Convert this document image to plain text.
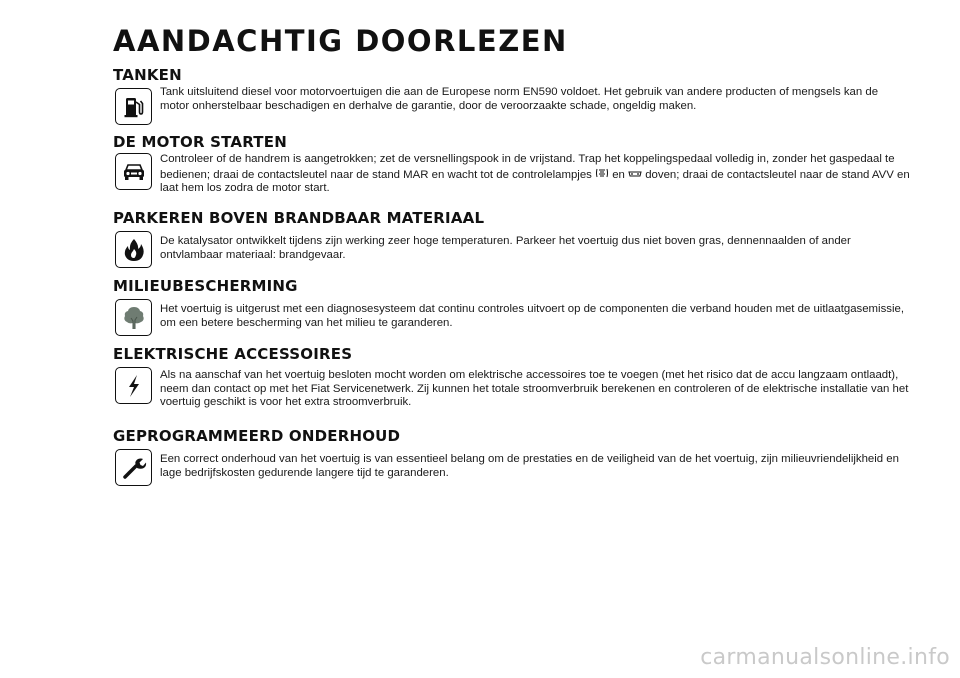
AANDACHTIG DOORLEZEN
TANKEN
Tank uitsluitend diesel voor motorvoertuigen die aan de Europese norm EN590 voldoet. Het gebruik van andere producten of mengsels kan de motor onherstelbaar beschadigen en derhalve de garantie, door de veroorzaakte schade, ongeldig maken.
DE MOTOR STARTEN
Controleer of de handrem is aangetrokken; zet de versnellingspook in de vrijstand. Trap het koppelingspedaal volledig in, zonder het gaspedaal te bedienen; draai de contactsleutel naar de stand MAR en wacht tot de controlelampjes en doven; draai de contactsleutel naar de stand AVV en laat hem los zodra de motor start.
PARKEREN BOVEN BRANDBAAR MATERIAAL
De katalysator ontwikkelt tijdens zijn werking zeer hoge temperaturen. Parkeer het voertuig dus niet boven gras, dennennaalden of ander ontvlambaar materiaal: brandgevaar.
MILIEUBESCHERMING
Het voertuig is uitgerust met een diagnosesysteem dat continu controles uitvoert op de componenten die verband houden met de uitlaatgasemissie, om een betere bescherming van het milieu te garanderen.
ELEKTRISCHE ACCESSOIRES
Als na aanschaf van het voertuig besloten mocht worden om elektrische accessoires toe te voegen (met het risico dat de accu langzaam ontlaadt), neem dan contact op met het Fiat Servicenetwerk. Zij kunnen het totale stroomverbruik berekenen en controleren of de elektrische installatie van het voertuig geschikt is voor het extra stroomverbruik.
GEPROGRAMMEERD ONDERHOUD
Een correct onderhoud van het voertuig is van essentieel belang om de prestaties en de veiligheid van de het voertuig, zijn milieuvriendelijkheid en lage bedrijfskosten gedurende langere tijd te garanderen.
carmanualsonline.info
